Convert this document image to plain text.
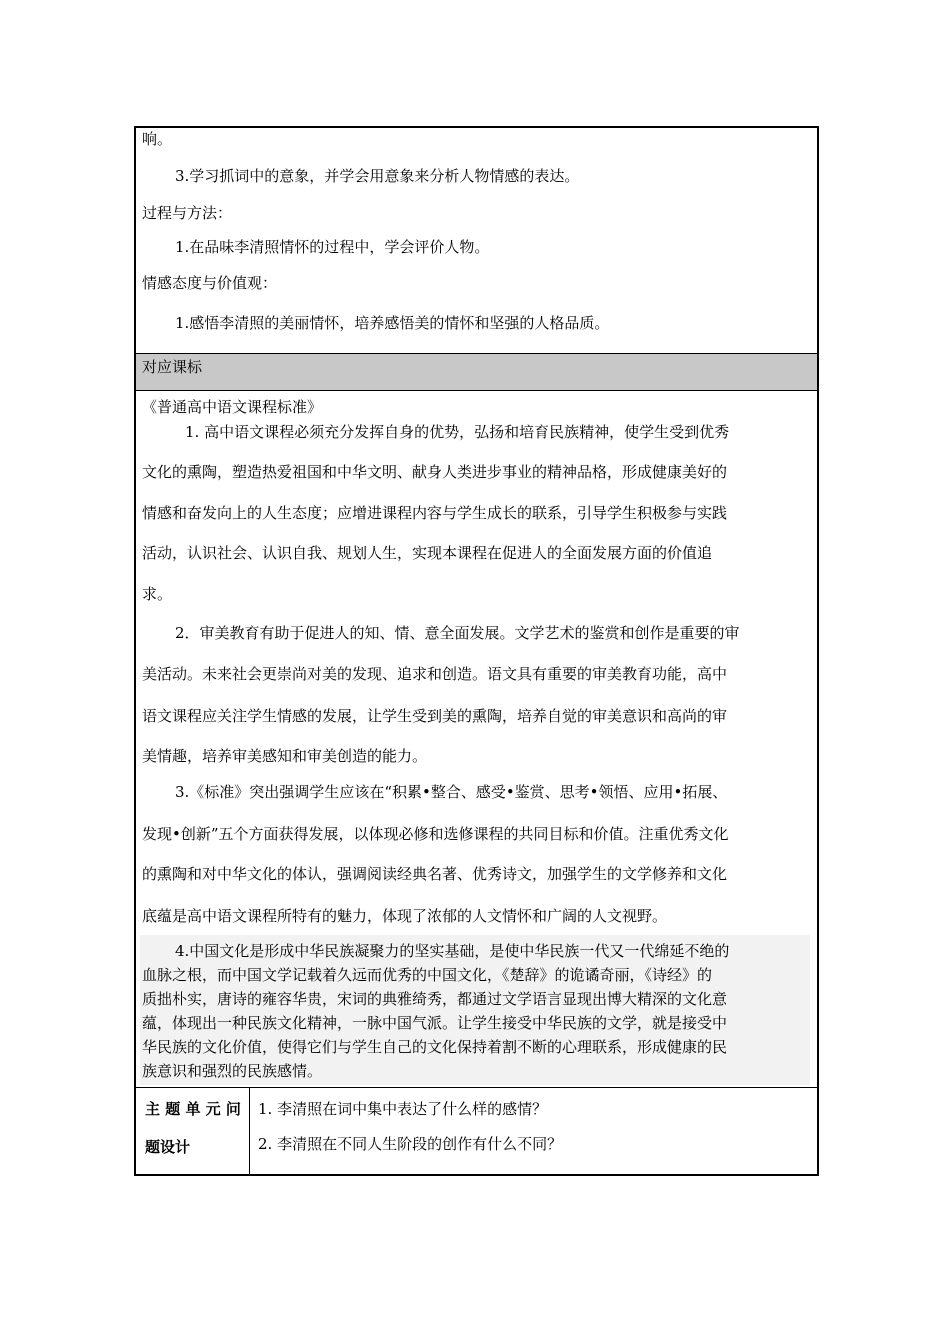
响。
3.学习抓词中的意象，并学会用意象来分析人物情感的表达。
过程与方法：
1.在品味李清照情怀的过程中，学会评价人物。
情感态度与价值观：
1.感悟李清照的美丽情怀，培养感悟美的情怀和坚强的人格品质。
对应课标
《普通高中语文课程标准》
1. 高中语文课程必须充分发挥自身的优势，弘扬和培育民族精神，使学生受到优秀
文化的熏陶，塑造热爱祖国和中华文明、献身人类进步事业的精神品格，形成健康美好的
情感和奋发向上的人生态度；应增进课程内容与学生成长的联系，引导学生积极参与实践
活动，认识社会、认识自我、规划人生，实现本课程在促进人的全面发展方面的价值追
求。
2．审美教育有助于促进人的知、情、意全面发展。文学艺术的鉴赏和创作是重要的审
美活动。未来社会更崇尚对美的发现、追求和创造。语文具有重要的审美教育功能，高中
语文课程应关注学生情感的发展，让学生受到美的熏陶，培养自觉的审美意识和高尚的审
美情趣，培养审美感知和审美创造的能力。
3.《标准》突出强调学生应该在“积累•整合、感受•鉴赏、思考•领悟、应用•拓展、
发现•创新”五个方面获得发展，以体现必修和选修课程的共同目标和价值。注重优秀文化
的熏陶和对中华文化的体认，强调阅读经典名著、优秀诗文，加强学生的文学修养和文化
底蕴是高中语文课程所特有的魅力，体现了浓郁的人文情怀和广阔的人文视野。
4.中国文化是形成中华民族凝聚力的坚实基础，是使中华民族一代又一代绵延不绝的
血脉之根，而中国文学记载着久远而优秀的中国文化，《楚辞》的诡谲奇丽，《诗经》的
质拙朴实，唐诗的雍容华贵，宋词的典雅绮秀，都通过文学语言显现出博大精深的文化意
蕴，体现出一种民族文化精神，一脉中国气派。让学生接受中华民族的文学，就是接受中
华民族的文化价值，使得它们与学生自己的文化保持着割不断的心理联系，形成健康的民
族意识和强烈的民族感情。
主 题 单 元 问
题设计
1. 李清照在词中集中表达了什么样的感情？
2. 李清照在不同人生阶段的创作有什么不同？
